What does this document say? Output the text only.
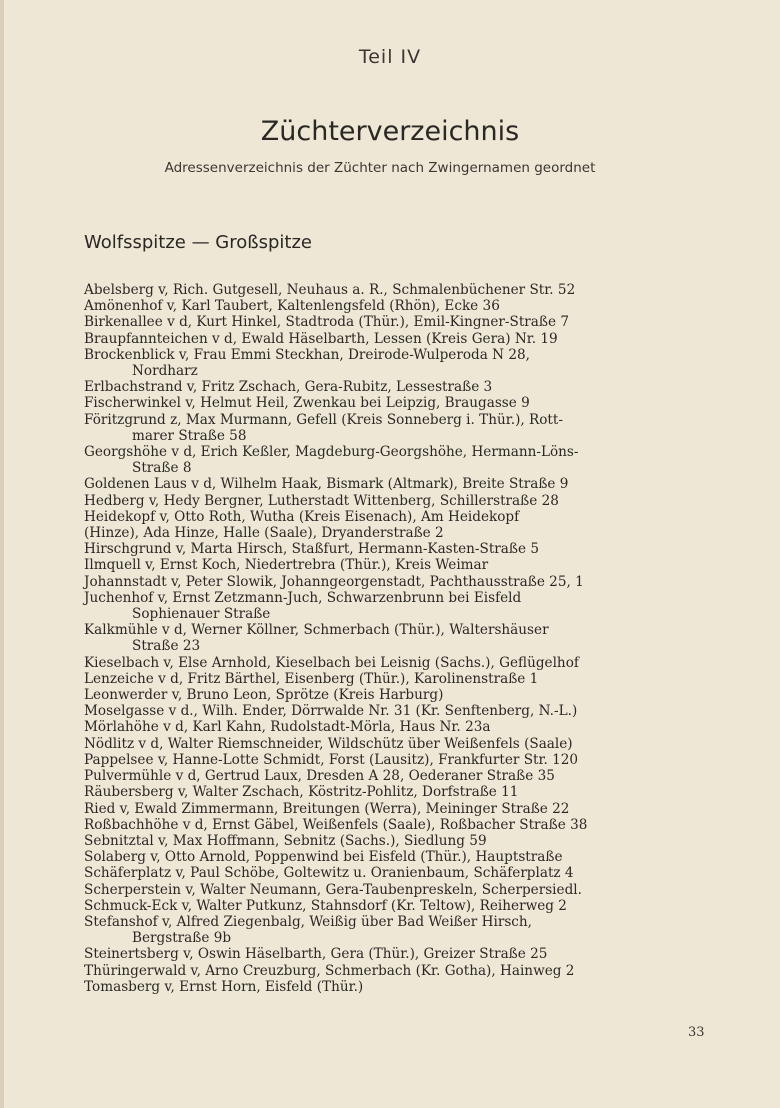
Teil IV
Züchterverzeichnis
Adressenverzeichnis der Züchter nach Zwingernamen geordnet
Wolfsspitze — Großspitze
Abelsberg v, Rich. Gutgesell, Neuhaus a. R., Schmalenbüchener Str. 52
Amönenhof v, Karl Taubert, Kaltenlengsfeld (Rhön), Ecke 36
Birkenallee v d, Kurt Hinkel, Stadtroda (Thür.), Emil-Kingner-Straße 7
Braupfannteichen v d, Ewald Häselbarth, Lessen (Kreis Gera) Nr. 19
Brockenblick v, Frau Emmi Steckhan, Dreirode-Wulperoda N 28,
Nordharz
Erlbachstrand v, Fritz Zschach, Gera-Rubitz, Lessestraße 3
Fischerwinkel v, Helmut Heil, Zwenkau bei Leipzig, Braugasse 9
Föritzgrund z, Max Murmann, Gefell (Kreis Sonneberg i. Thür.), Rott-
marer Straße 58
Georgshöhe v d, Erich Keßler, Magdeburg-Georgshöhe, Hermann-Löns-
Straße 8
Goldenen Laus v d, Wilhelm Haak, Bismark (Altmark), Breite Straße 9
Hedberg v, Hedy Bergner, Lutherstadt Wittenberg, Schillerstraße 28
Heidekopf v, Otto Roth, Wutha (Kreis Eisenach), Am Heidekopf
(Hinze), Ada Hinze, Halle (Saale), Dryanderstraße 2
Hirschgrund v, Marta Hirsch, Staßfurt, Hermann-Kasten-Straße 5
Ilmquell v, Ernst Koch, Niedertrebra (Thür.), Kreis Weimar
Johannstadt v, Peter Slowik, Johanngeorgenstadt, Pachthausstraße 25, 1
Juchenhof v, Ernst Zetzmann-Juch, Schwarzenbrunn bei Eisfeld
Sophienauer Straße
Kalkmühle v d, Werner Köllner, Schmerbach (Thür.), Waltershäuser
Straße 23
Kieselbach v, Else Arnhold, Kieselbach bei Leisnig (Sachs.), Geflügelhof
Lenzeiche v d, Fritz Bärthel, Eisenberg (Thür.), Karolinenstraße 1
Leonwerder v, Bruno Leon, Sprötze (Kreis Harburg)
Moselgasse v d., Wilh. Ender, Dörrwalde Nr. 31 (Kr. Senftenberg, N.-L.)
Mörlahöhe v d, Karl Kahn, Rudolstadt-Mörla, Haus Nr. 23a
Nödlitz v d, Walter Riemschneider, Wildschütz über Weißenfels (Saale)
Pappelsee v, Hanne-Lotte Schmidt, Forst (Lausitz), Frankfurter Str. 120
Pulvermühle v d, Gertrud Laux, Dresden A 28, Oederaner Straße 35
Räubersberg v, Walter Zschach, Köstritz-Pohlitz, Dorfstraße 11
Ried v, Ewald Zimmermann, Breitungen (Werra), Meininger Straße 22
Roßbachhöhe v d, Ernst Gäbel, Weißenfels (Saale), Roßbacher Straße 38
Sebnitztal v, Max Hoffmann, Sebnitz (Sachs.), Siedlung 59
Solaberg v, Otto Arnold, Poppenwind bei Eisfeld (Thür.), Hauptstraße
Schäferplatz v, Paul Schöbe, Goltewitz u. Oranienbaum, Schäferplatz 4
Scherperstein v, Walter Neumann, Gera-Taubenpreskeln, Scherpersiedl.
Schmuck-Eck v, Walter Putkunz, Stahnsdorf (Kr. Teltow), Reiherweg 2
Stefanshof v, Alfred Ziegenbalg, Weißig über Bad Weißer Hirsch,
Bergstraße 9b
Steinertsberg v, Oswin Häselbarth, Gera (Thür.), Greizer Straße 25
Thüringerwald v, Arno Creuzburg, Schmerbach (Kr. Gotha), Hainweg 2
Tomasberg v, Ernst Horn, Eisfeld (Thür.)
33
